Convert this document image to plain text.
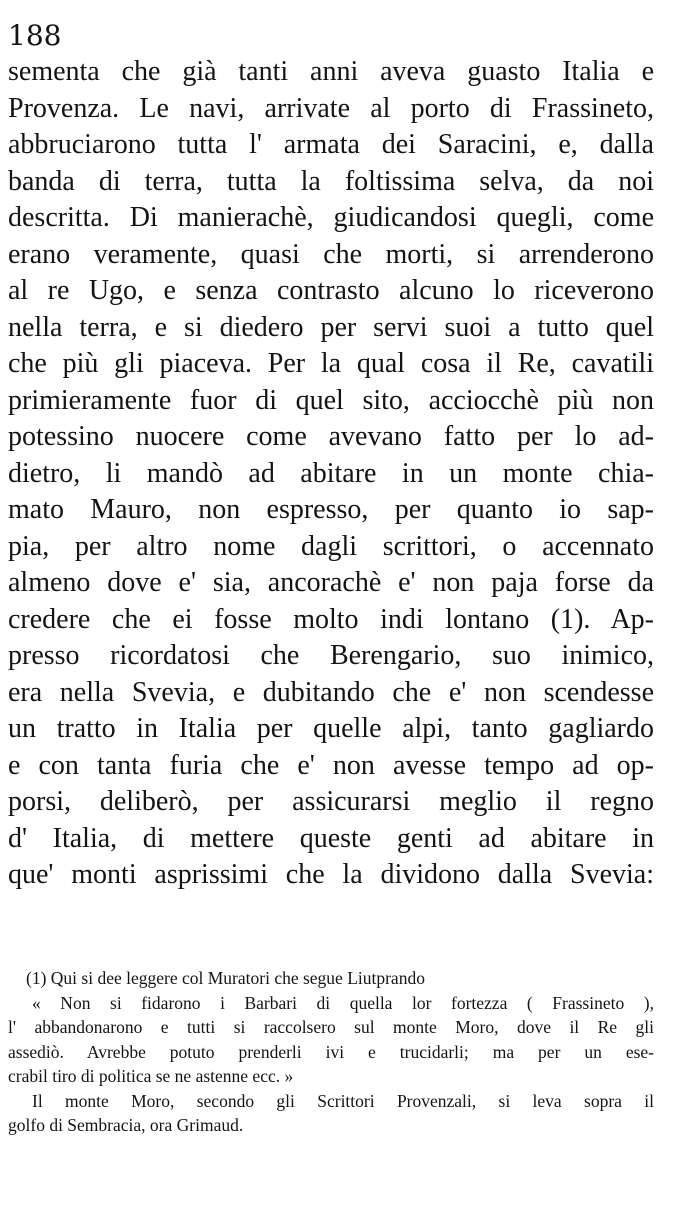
188
sementa che già tanti anni aveva guasto Italia e
Provenza. Le navi, arrivate al porto di Frassineto,
abbruciarono tutta l' armata dei Saracini, e, dalla
banda di terra, tutta la foltissima selva, da noi
descritta. Di manierachè, giudicandosi quegli, come
erano veramente, quasi che morti, si arrenderono
al re Ugo, e senza contrasto alcuno lo riceverono
nella terra, e si diedero per servi suoi a tutto quel
che più gli piaceva. Per la qual cosa il Re, cavatili
primieramente fuor di quel sito, acciocchè più non
potessino nuocere come avevano fatto per lo ad-
dietro, li mandò ad abitare in un monte chia-
mato Mauro, non espresso, per quanto io sap-
pia, per altro nome dagli scrittori, o accennato
almeno dove e' sia, ancorachè e' non paja forse da
credere che ei fosse molto indi lontano (1). Ap-
presso ricordatosi che Berengario, suo inimico,
era nella Svevia, e dubitando che e' non scendesse
un tratto in Italia per quelle alpi, tanto gagliardo
e con tanta furia che e' non avesse tempo ad op-
porsi, deliberò, per assicurarsi meglio il regno
d' Italia, di mettere queste genti ad abitare in
que' monti asprissimi che la dividono dalla Svevia:
(1) Qui si dee leggere col Muratori che segue Liutprando
« Non si fidarono i Barbari di quella lor fortezza ( Frassineto ),
l' abbandonarono e tutti si raccolsero sul monte Moro, dove il Re gli
assediò. Avrebbe potuto prenderli ivi e trucidarli; ma per un ese-
crabil tiro di politica se ne astenne ecc. »
Il monte Moro, secondo gli Scrittori Provenzali, si leva sopra il
golfo di Sembracia, ora Grimaud.
